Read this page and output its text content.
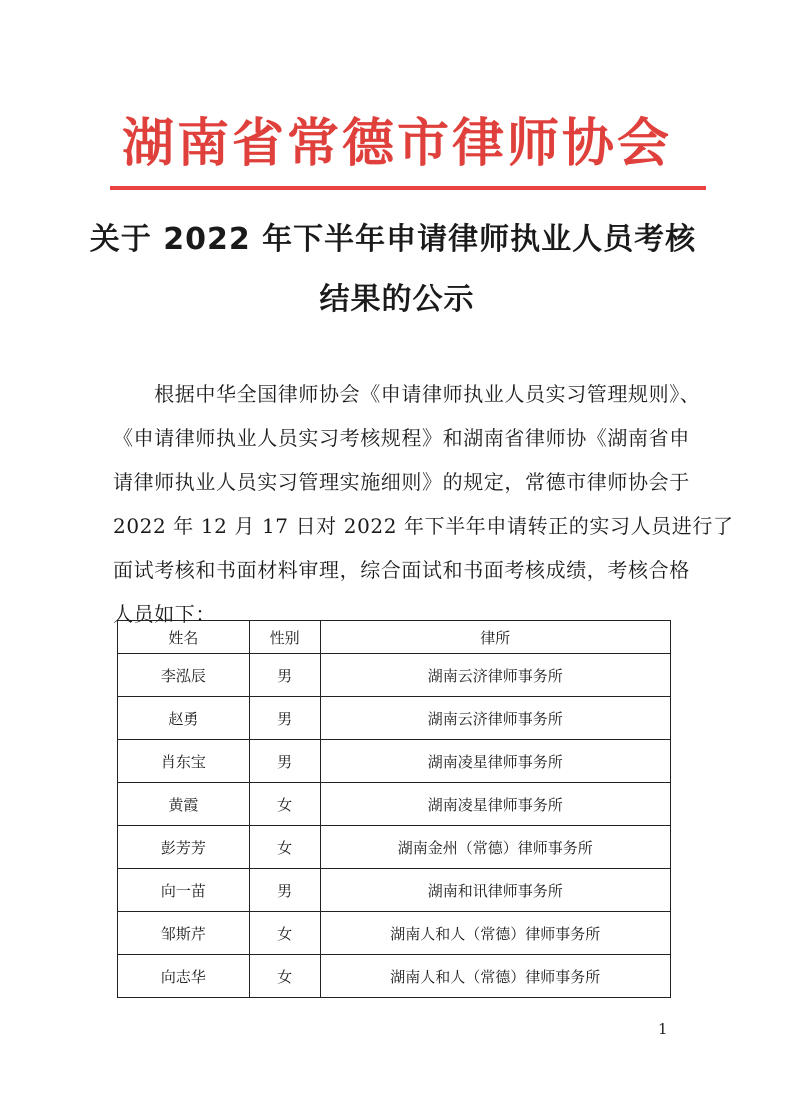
湖南省常德市律师协会
关于 2022 年下半年申请律师执业人员考核
结果的公示
　　根据中华全国律师协会《申请律师执业人员实习管理规则》、
《申请律师执业人员实习考核规程》和湖南省律师协《湖南省申
请律师执业人员实习管理实施细则》的规定，常德市律师协会于
2022 年 12 月 17 日对 2022 年下半年申请转正的实习人员进行了
面试考核和书面材料审理，综合面试和书面考核成绩，考核合格
人员如下：
姓名	性别	律所
李泓辰	男	湖南云济律师事务所
赵勇	男	湖南云济律师事务所
肖东宝	男	湖南凌星律师事务所
黄霞	女	湖南凌星律师事务所
彭芳芳	女	湖南金州（常德）律师事务所
向一苗	男	湖南和讯律师事务所
邹斯芹	女	湖南人和人（常德）律师事务所
向志华	女	湖南人和人（常德）律师事务所
1
